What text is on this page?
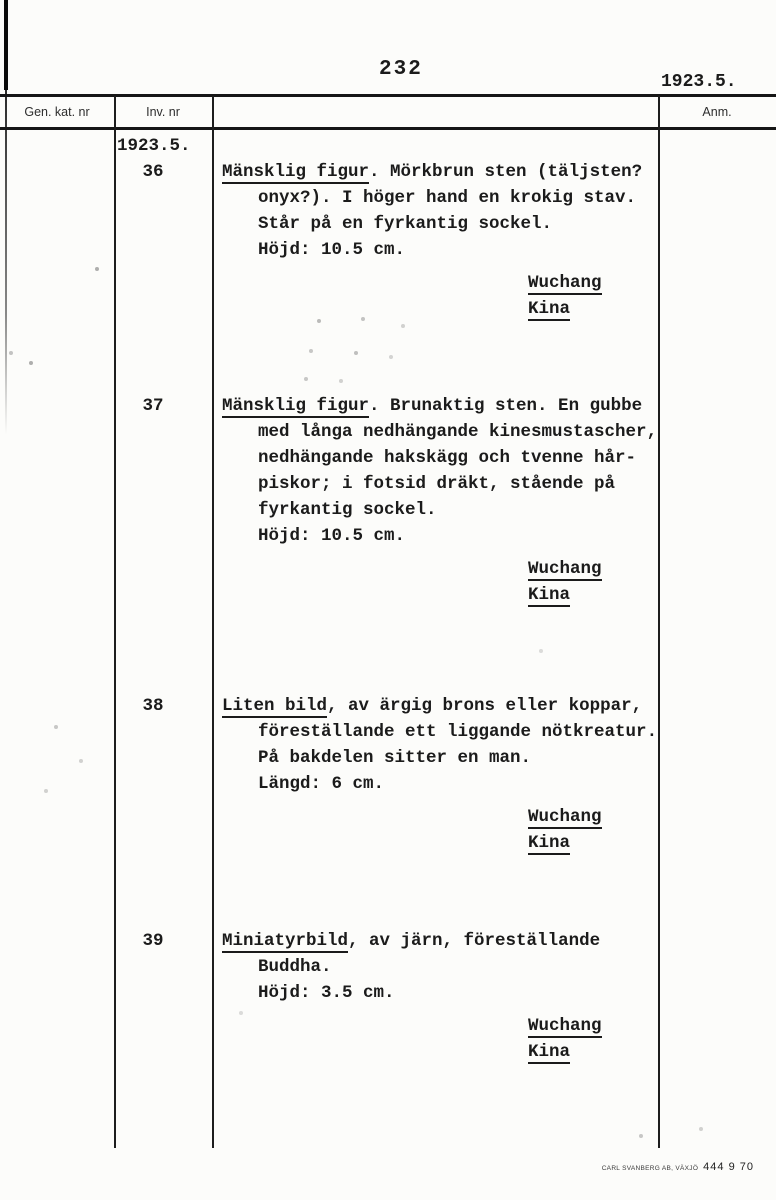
232
1923.5.
Gen. kat. nr	Inv. nr	Anm.
1923.5.
36	Mänsklig figur. Mörkbrun sten (täljsten?
onyx?). I höger hand en krokig stav.
Står på en fyrkantig sockel.
Höjd: 10.5 cm.
Wuchang
Kina
37	Mänsklig figur. Brunaktig sten. En gubbe
med långa nedhängande kinesmustascher,
nedhängande hakskägg och tvenne hår-
piskor; i fotsid dräkt, stående på
fyrkantig sockel.
Höjd: 10.5 cm.
Wuchang
Kina
38	Liten bild, av ärgig brons eller koppar,
föreställande ett liggande nötkreatur.
På bakdelen sitter en man.
Längd: 6 cm.
Wuchang
Kina
39	Miniatyrbild, av järn, föreställande
Buddha.
Höjd: 3.5 cm.
Wuchang
Kina
CARL SVANBERG AB, VÄXJÖ 444 9 70
